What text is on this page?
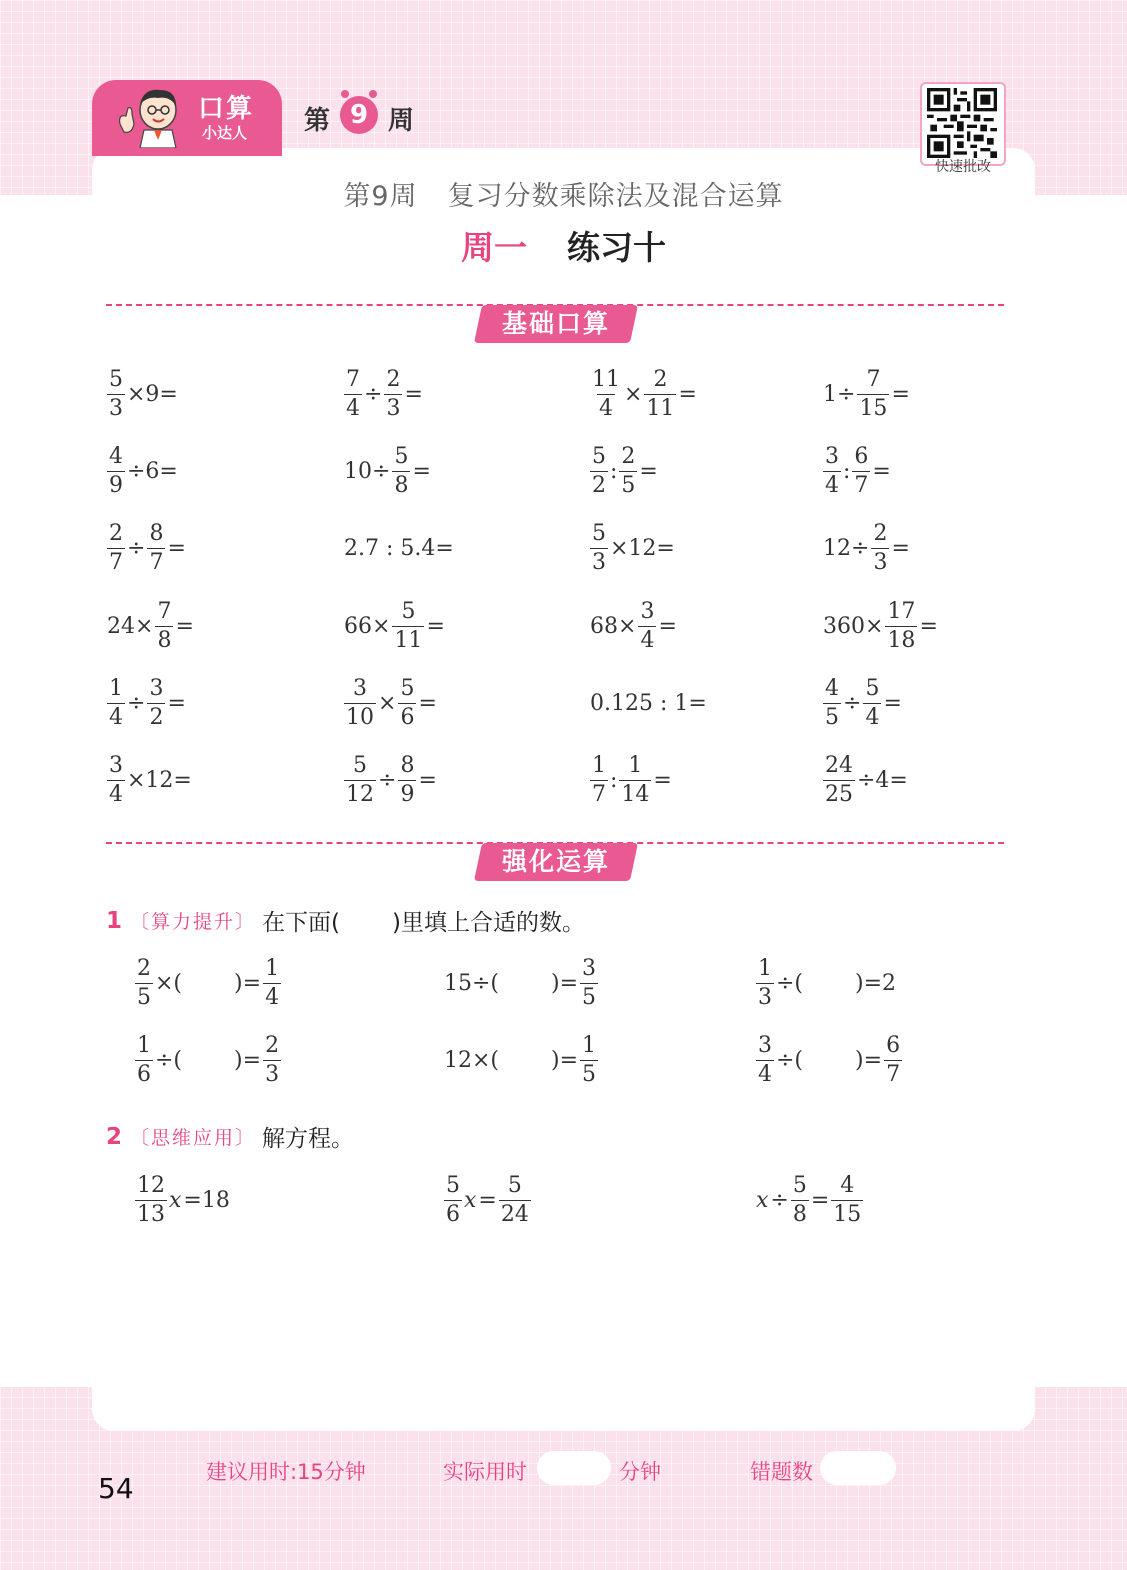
口算
小达人 第 9 周
快速批改
第9周 复习分数乘除法及混合运算
周一 练习十
基础口算
$\frac{5}{3} \times 9=$	$\frac{7}{4} \div \frac{2}{3}$ =	$\frac{11}{4} \times \frac{2}{11}$ =	$1\div \frac{7}{15}$ =
$\frac{4}{9} \div 6=$	$10\div \frac{5}{8}$ =	$\frac{5}{2}$ : $\frac{2}{5}$ =	$\frac{3}{4}$ : $\frac{6}{7}$ =
$\frac{2}{7} \div \frac{8}{7}$ =	2.7 : 5.4=	$\frac{5}{3} \times 12=$	$12\div \frac{2}{3}$ =
$24\times \frac{7}{8}$ =	$66\times \frac{5}{11}$ =	$68\times \frac{3}{4}$ =	$360\times \frac{17}{18}$ =
$\frac{1}{4} \div \frac{3}{2}$ =	$\frac{3}{10} \times \frac{5}{6}$ =	0.125 : 1=	$\frac{4}{5} \div \frac{5}{4}$ =
$\frac{3}{4} \times 12=$	$\frac{5}{12} \div \frac{8}{9}$ =	$\frac{1}{7}$ : $\frac{1}{14}$ =	$\frac{24}{25} \div 4=$
强化运算
1 〔算力提升〕 在下面( )里填上合适的数。
$\frac{2}{5}$ ×( )= $\frac{1}{4}$	15÷( )= $\frac{3}{5}$	$\frac{1}{3}$ ÷( )=2
$\frac{1}{6}$ ÷( )= $\frac{2}{3}$	12×( )= $\frac{1}{5}$	$\frac{3}{4}$ ÷( )= $\frac{6}{7}$
2 〔思维应用〕 解方程。
$\frac{12}{13}$ x =18	$\frac{5}{6}$ $x = \frac{5}{24}$	$x \div \frac{5}{8} = \frac{4}{15}$
建议用时:15分钟	实际用时	分钟	错题数
54
